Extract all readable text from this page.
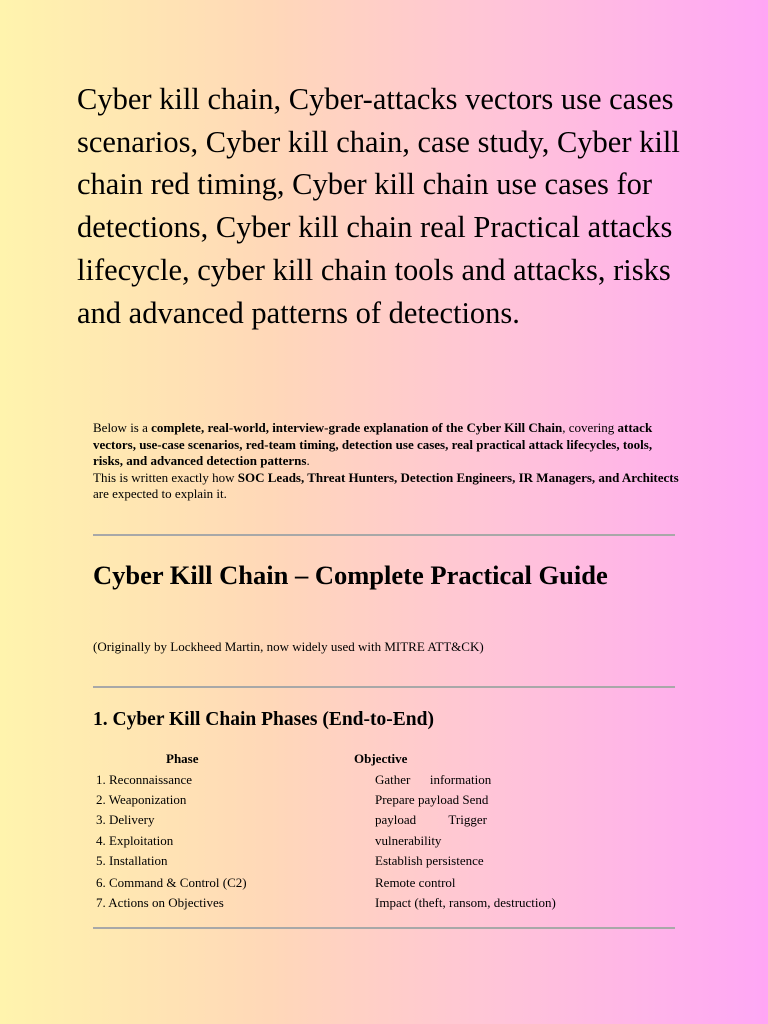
Cyber kill chain, Cyber-attacks vectors use cases scenarios, Cyber kill chain, case study, Cyber kill chain red timing, Cyber kill chain use cases for detections, Cyber kill chain real Practical attacks lifecycle, cyber kill chain tools and attacks, risks and advanced patterns of detections.
Below is a complete, real-world, interview-grade explanation of the Cyber Kill Chain, covering attack vectors, use-case scenarios, red-team timing, detection use cases, real practical attack lifecycles, tools, risks, and advanced detection patterns.
This is written exactly how SOC Leads, Threat Hunters, Detection Engineers, IR Managers, and Architects are expected to explain it.
Cyber Kill Chain – Complete Practical Guide

(Originally by Lockheed Martin, now widely used with MITRE ATT&CK)

1. Cyber Kill Chain Phases (End-to-End)
Phase	Objective
1. Reconnaissance	Gather      information
2. Weaponization	Prepare payload Send
3. Delivery	payload          Trigger
4. Exploitation	vulnerability
5. Installation	Establish persistence
6. Command & Control (C2)	Remote control
7. Actions on Objectives	Impact (theft, ransom, destruction)
